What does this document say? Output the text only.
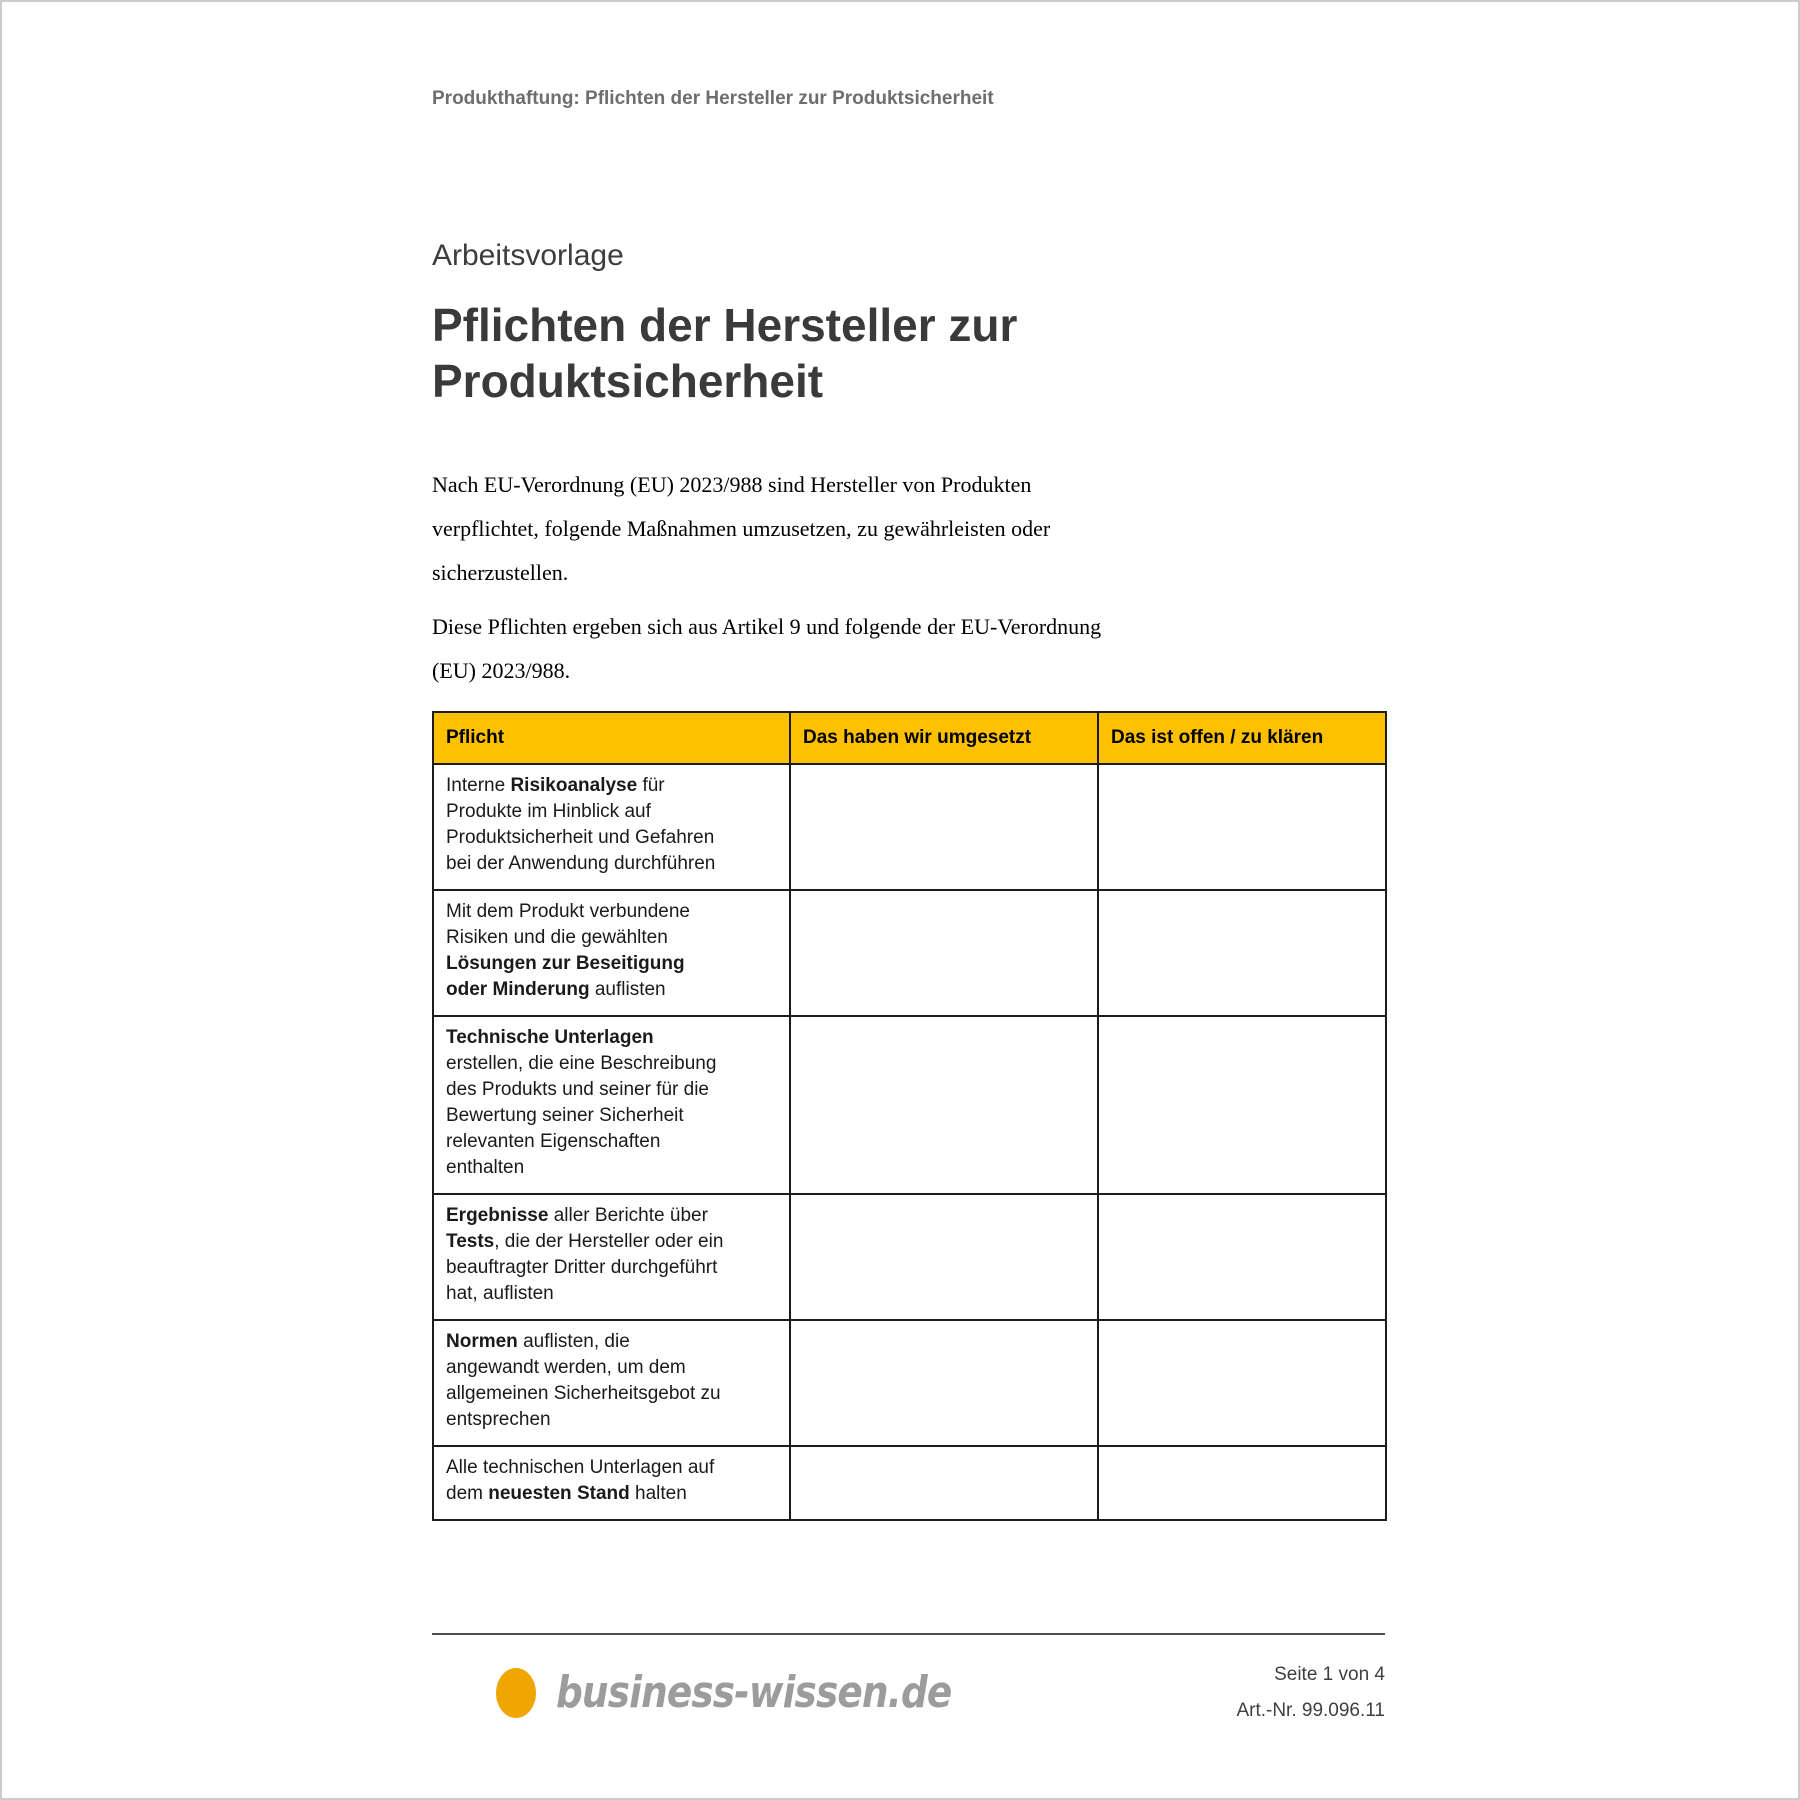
Produkthaftung: Pflichten der Hersteller zur Produktsicherheit
Arbeitsvorlage
Pflichten der Hersteller zur
Produktsicherheit
Nach EU-Verordnung (EU) 2023/988 sind Hersteller von Produkten
verpflichtet, folgende Maßnahmen umzusetzen, zu gewährleisten oder
sicherzustellen.
Diese Pflichten ergeben sich aus Artikel 9 und folgende der EU-Verordnung
(EU) 2023/988.
Pflicht	Das haben wir umgesetzt	Das ist offen / zu klären

Interne Risikoanalyse für
Produkte im Hinblick auf
Produktsicherheit und Gefahren
bei der Anwendung durchführen		

Mit dem Produkt verbundene
Risiken und die gewählten
Lösungen zur Beseitigung
oder Minderung auflisten		

Technische Unterlagen
erstellen, die eine Beschreibung
des Produkts und seiner für die
Bewertung seiner Sicherheit
relevanten Eigenschaften
enthalten

Ergebnisse aller Berichte über
Tests, die der Hersteller oder ein
beauftragter Dritter durchgeführt
hat, auflisten		

Normen auflisten, die
angewandt werden, um dem
allgemeinen Sicherheitsgebot zu
entsprechen		

Alle technischen Unterlagen auf
dem neuesten Stand halten		

business-wissen.de	Seite 1 von 4
Art.-Nr. 99.096.11
